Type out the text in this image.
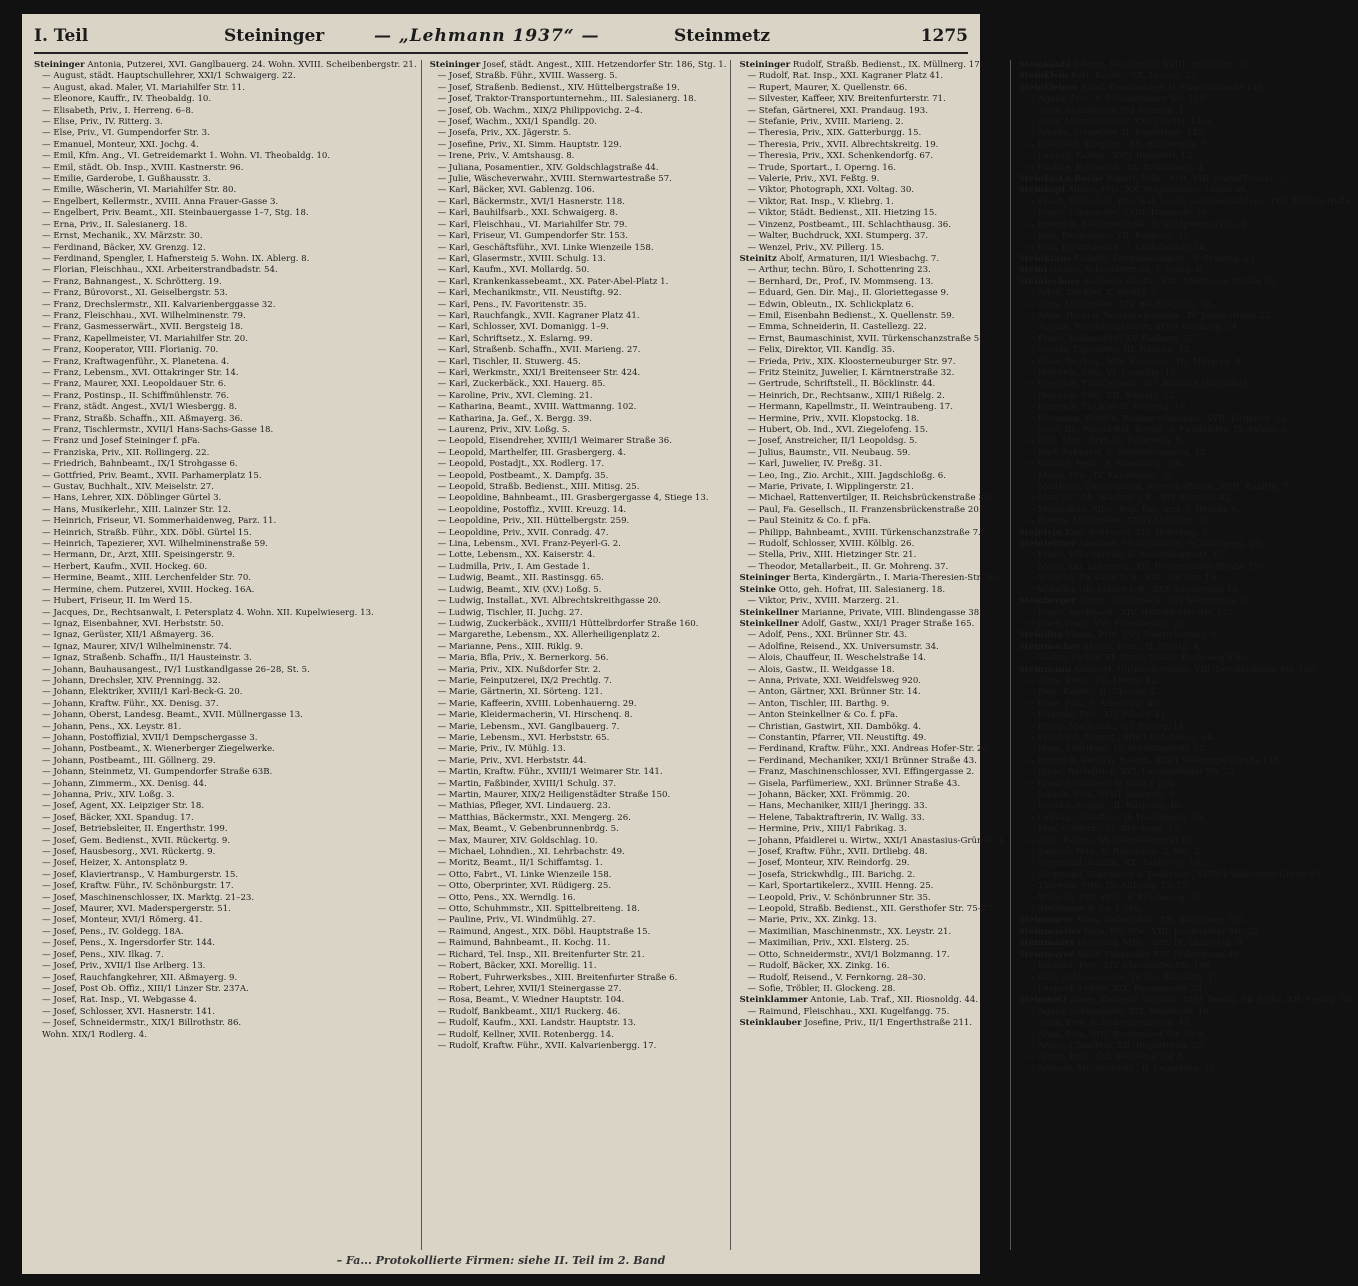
I. Teil	Steininger	— „Lehmann 1937“ —	Steinmetz	1275
Steininger Antonia, Putzerei, XVI. Ganglbauerg. 24. Wohn. XVIII. Scheibenbergstr. 21.
— August, städt. Hauptschullehrer, XXI/1 Schwaigerg. 22.
— August, akad. Maler, VI. Mariahilfer Str. 11.
— Eleonore, Kauffr., IV. Theobaldg. 10.
— Elisabeth, Priv., I. Herreng. 6–8.
— Elise, Priv., IV. Ritterg. 3.
— Else, Priv., VI. Gumpendorfer Str. 3.
— Emanuel, Monteur, XXI. Jochg. 4.
— Emil, Kfm. Ang., VI. Getreidemarkt 1. Wohn. VI. Theobaldg. 10.
— Emil, städt. Ob. Insp., XVIII. Kastnerstr. 96.
— Emilie, Garderobe, I. Gußhausstr. 3.
— Emilie, Wäscherin, VI. Mariahilfer Str. 80.
— Engelbert, Kellermstr., XVIII. Anna Frauer-Gasse 3.
— Engelbert, Priv. Beamt., XII. Steinbauergasse 1–7, Stg. 18.
— Erna, Priv., II. Salesianerg. 18.
— Ernst, Mechanik., XV. Märzstr. 30.
— Ferdinand, Bäcker, XV. Grenzg. 12.
— Ferdinand, Spengler, I. Hafnersteig 5. Wohn. IX. Ablerg. 8.
— Florian, Fleischhau., XXI. Arbeiterstrandbadstr. 54.
— Franz, Bahnangest., X. Schrötterg. 19.
— Franz, Bürovorst., XI. Geiselbergstr. 53.
— Franz, Drechslermstr., XII. Kalvarienberggasse 32.
— Franz, Fleischhau., XVI. Wilhelminenstr. 79.
— Franz, Gasmesserwärt., XVII. Bergsteig 18.
— Franz, Kapellmeister, VI. Mariahilfer Str. 20.
— Franz, Kooperator, VIII. Florianig. 70.
— Franz, Kraftwagenführ., X. Planetena. 4.
— Franz, Lebensm., XVI. Ottakringer Str. 14.
— Franz, Maurer, XXI. Leopoldauer Str. 6.
— Franz, Postinsp., II. Schiffmühlenstr. 76.
— Franz, städt. Angest., XVI/1 Wiesbergg. 8.
— Franz, Straßb. Schaffn., XII. Aßmayerg. 36.
— Franz, Tischlermstr., XVII/1 Hans-Sachs-Gasse 18.
— Franz und Josef Steininger f. pFa.
— Franziska, Priv., XII. Rollingerg. 22.
— Friedrich, Bahnbeamt., IX/1 Strohgasse 6.
— Gottfried, Priv. Beamt., XVII. Parhamerplatz 15.
— Gustav, Buchhalt., XIV. Meiselstr. 27.
— Hans, Lehrer, XIX. Döblinger Gürtel 3.
— Hans, Musikerlehr., XIII. Lainzer Str. 12.
— Heinrich, Friseur, VI. Sommerhaidenweg, Parz. 11.
— Heinrich, Straßb. Führ., XIX. Döbl. Gürtel 15.
— Heinrich, Tapezierer, XVI. Wilhelminenstraße 59.
— Hermann, Dr., Arzt, XIII. Speisingerstr. 9.
— Herbert, Kaufm., XVII. Hockeg. 60.
— Hermine, Beamt., XIII. Lerchenfelder Str. 70.
— Hermine, chem. Putzerei, XVIII. Hockeg. 16A.
— Hubert, Friseur, II. Im Werd 15.
— Jacques, Dr., Rechtsanwalt, I. Petersplatz 4. Wohn. XII. Kupelwieserg. 13.
— Ignaz, Eisenbahner, XVI. Herbststr. 50.
— Ignaz, Gerüster, XII/1 Aßmayerg. 36.
— Ignaz, Maurer, XIV/1 Wilhelminenstr. 74.
— Ignaz, Straßenb. Schaffn., II/1 Hausteinstr. 3.
— Johann, Bauhausangest., IV/1 Lustkandlgasse 26–28, St. 5.
— Johann, Drechsler, XIV. Prenningg. 32.
— Johann, Elektriker, XVIII/1 Karl-Beck-G. 20.
— Johann, Kraftw. Führ., XX. Denisg. 37.
— Johann, Oberst, Landesg. Beamt., XVII. Müllnergasse 13.
— Johann, Pens., XX. Leystr. 81.
— Johann, Postoffizial, XVII/1 Dempschergasse 3.
— Johann, Postbeamt., X. Wienerberger Ziegelwerke.
— Johann, Postbeamt., III. Göllnerg. 29.
— Johann, Steinmetz, VI. Gumpendorfer Straße 63B.
— Johann, Zimmerm., XX. Denisg. 44.
— Johanna, Priv., XIV. Loßg. 3.
— Josef, Agent, XX. Leipziger Str. 18.
— Josef, Bäcker, XXI. Spandug. 17.
— Josef, Betriebsleiter, II. Engerthstr. 199.
— Josef, Gem. Bedienst., XVII. Rückertg. 9.
— Josef, Hausbesorg., XVI. Rückertg. 9.
— Josef, Heizer, X. Antonsplatz 9.
— Josef, Klaviertransp., V. Hamburgerstr. 15.
— Josef, Kraftw. Führ., IV. Schönburgstr. 17.
— Josef, Maschinenschlosser, IX. Marktg. 21–23.
— Josef, Maurer, XVI. Maderspergerstr. 51.
— Josef, Monteur, XVI/1 Römerg. 41.
— Josef, Pens., IV. Goldegg. 18A.
— Josef, Pens., X. Ingersdorfer Str. 144.
— Josef, Pens., XIV. Ilkag. 7.
— Josef, Priv., XVII/1 Ilse Arlberg. 13.
— Josef, Rauchfangkehrer, XII. Aßmayerg. 9.
— Josef, Post Ob. Offiz., XIII/1 Linzer Str. 237A.
— Josef, Rat. Insp., VI. Webgasse 4.
— Josef, Schlosser, XVI. Hasnerstr. 141.
— Josef, Schneidermstr., XIX/1 Billrothstr. 86.
Wohn. XIX/1 Rodlerg. 4.
Steininger Josef, städt. Angest., XIII. Hetzendorfer Str. 186, Stg. 1.
— Josef, Straßb. Führ., XVIII. Wasserg. 5.
— Josef, Straßenb. Bedienst., XIV. Hüttelbergstraße 19.
— Josef, Traktor-Transportunternehm., III. Salesianerg. 18.
— Josef, Ob. Wachm., XIX/2 Philippovichg. 2–4.
— Josef, Wachm., XXI/1 Spandlg. 20.
— Josefa, Priv., XX. Jägerstr. 5.
— Josefine, Priv., XI. Simm. Hauptstr. 129.
— Irene, Priv., V. Amtshausg. 8.
— Juliana, Posamentier., XIV. Goldschlagstraße 44.
— Julie, Wäscheverwahr., XVIII. Sternwartestraße 57.
— Karl, Bäcker, XVI. Gablenzg. 106.
— Karl, Bäckermstr., XVI/1 Hasnerstr. 118.
— Karl, Bauhilfsarb., XXI. Schwaigerg. 8.
— Karl, Fleischhau., VI. Mariahilfer Str. 79.
— Karl, Friseur, VI. Gumpendorfer Str. 153.
— Karl, Geschäftsführ., XVI. Linke Wienzeile 158.
— Karl, Glasermstr., XVIII. Schulg. 13.
— Karl, Kaufm., XVI. Mollardg. 50.
— Karl, Krankenkassebeamt., XX. Pater-Abel-Platz 1.
— Karl, Mechanikmstr., VII. Neustiftg. 92.
— Karl, Pens., IV. Favoritenstr. 35.
— Karl, Rauchfangk., XVII. Kagraner Platz 41.
— Karl, Schlosser, XVI. Domanigg. 1–9.
— Karl, Schriftsetz., X. Eslarng. 99.
— Karl, Straßenb. Schaffn., XVII. Marieng. 27.
— Karl, Tischler, II. Stuwerg. 45.
— Karl, Werkmstr., XXI/1 Breitenseer Str. 424.
— Karl, Zuckerbäck., XXI. Hauerg. 85.
— Karoline, Priv., XVI. Cleming. 21.
— Katharina, Beamt., XVIII. Wattmanng. 102.
— Katharina, Ja. Gef., X. Bergg. 39.
— Laurenz, Priv., XIV. Loßg. 5.
— Leopold, Eisendreher, XVIII/1 Weimarer Straße 36.
— Leopold, Marthelfer, III. Grasbergerg. 4.
— Leopold, Postadjt., XX. Rodlerg. 17.
— Leopold, Postbeamt., X. Dampfg. 35.
— Leopold, Straßb. Bedienst., XIII. Mitisg. 25.
— Leopoldine, Bahnbeamt., III. Grasbergergasse 4, Stiege 13.
— Leopoldine, Postoffiz., XVIII. Kreuzg. 14.
— Leopoldine, Priv., XII. Hüttelbergstr. 259.
— Leopoldine, Priv., XVII. Conradg. 47.
— Lina, Lebensm., XVI. Franz-Peyerl-G. 2.
— Lotte, Lebensm., XX. Kaiserstr. 4.
— Ludmilla, Priv., I. Am Gestade 1.
— Ludwig, Beamt., XII. Rastinsgg. 65.
— Ludwig, Beamt., XIV. (XV.) Loßg. 5.
— Ludwig, Installat., XVI. Albrechtskreithgasse 20.
— Ludwig, Tischler, II. Juchg. 27.
— Ludwig, Zuckerbäck., XVIII/1 Hüttelbrdorfer Straße 160.
— Margarethe, Lebensm., XX. Allerheiligenplatz 2.
— Marianne, Pens., XIII. Riklg. 9.
— Maria, Bfla, Priv., X. Bernerkorg. 56.
— Maria, Priv., XIX. Nußdorfer Str. 2.
— Marie, Feinputzerei, IX/2 Prechtlg. 7.
— Marie, Gärtnerin, XI. Sörteng. 121.
— Marie, Kaffeerin, XVIII. Lobenhauerng. 29.
— Marie, Kleidermacherin, VI. Hirschenq. 8.
— Marie, Lebensm., XVI. Ganglbauerg. 7.
— Marie, Lebensm., XVI. Herbststr. 65.
— Marie, Priv., IV. Mühlg. 13.
— Marie, Priv., XVI. Herbststr. 44.
— Martin, Kraftw. Führ., XVIII/1 Weimarer Str. 141.
— Martin, Faßbinder, XVIII/1 Schulg. 37.
— Martin, Maurer, XIX/2 Heiligenstädter Straße 150.
— Mathias, Pfleger, XVI. Lindauerg. 23.
— Matthias, Bäckermstr., XXI. Mengerg. 26.
— Max, Beamt., V. Gebenbrunnenbrdg. 5.
— Max, Maurer, XIV. Goldschlag. 10.
— Michael, Lohndien., XI. Lehrbachstr. 49.
— Moritz, Beamt., II/1 Schiffamtsg. 1.
— Otto, Fabrt., VI. Linke Wienzeile 158.
— Otto, Oberprinter, XVI. Rüdigerg. 25.
— Otto, Pens., XX. Werndlg. 16.
— Otto, Schuhmmstr., XII. Spittelbreiteng. 18.
— Pauline, Priv., VI. Windmühlg. 27.
— Raimund, Angest., XIX. Döbl. Hauptstraße 15.
— Raimund, Bahnbeamt., II. Kochg. 11.
— Richard, Tel. Insp., XII. Breitenfurter Str. 21.
— Robert, Bäcker, XXI. Morellig. 11.
— Robert, Fuhrwerksbes., XIII. Breitenfurter Straße 6.
— Robert, Lehrer, XVII/1 Steinergasse 27.
— Rosa, Beamt., V. Wiedner Hauptstr. 104.
— Rudolf, Bankbeamt., XII/1 Ruckerg. 46.
— Rudolf, Kaufm., XXI. Landstr. Hauptstr. 13.
— Rudolf, Kellner, XVII. Rotenbergg. 14.
— Rudolf, Kraftw. Führ., XVII. Kalvarienbergg. 17.
Steininger Rudolf, Straßb. Bedienst., IX. Müllnerg. 17.
— Rudolf, Rat. Insp., XXI. Kagraner Platz 41.
— Rupert, Maurer, X. Quellenstr. 66.
— Silvester, Kaffeer, XIV. Breitenfurterstr. 71.
— Stefan, Gärtnerei, XXI. Prandaug. 193.
— Stefanie, Priv., XVIII. Marieng. 2.
— Theresia, Priv., XIX. Gatterburgg. 15.
— Theresia, Priv., XVII. Albrechtskreitg. 19.
— Theresia, Priv., XXI. Schenkendorfg. 67.
— Trude, Sportart., I. Operng. 16.
— Valerie, Priv., XVI. Feßtg. 9.
— Viktor, Photograph, XXI. Voltag. 30.
— Viktor, Rat. Insp., V. Kliebrg. 1.
— Viktor, Städt. Bedienst., XII. Hietzing 15.
— Vinzenz, Postbeamt., III. Schlachthausg. 36.
— Walter, Buchdruck, XXI. Stumperg. 37.
— Wenzel, Priv., XV. Pillerg. 15.
Steinitz Abolf, Armaturen, II/1 Wiesbachg. 7.
— Arthur, techn. Büro, I. Schottenring 23.
— Bernhard, Dr., Prof., IV. Mommseng. 13.
— Eduard, Gen. Dir. Maj., II. Gloriettegasse 9.
— Edwin, Obleutn., IX. Schlickplatz 6.
— Emil, Eisenbahn Bedienst., X. Quellenstr. 59.
— Emma, Schneiderin, II. Castellezg. 22.
— Ernst, Baumaschinist, XVII. Türkenschanzstraße 5.
— Felix, Direktor, VII. Kandlg. 35.
— Frieda, Priv., XIX. Kloosterneuburger Str. 97.
— Fritz Steinitz, Juwelier, I. Kärntnerstraße 32.
— Gertrude, Schriftstell., II. Böcklinstr. 44.
— Heinrich, Dr., Rechtsanw., XIII/1 Rißelg. 2.
— Hermann, Kapellmstr., II. Weintraubeng. 17.
— Hermine, Priv., XVII. Klopstockg. 18.
— Hubert, Ob. Ind., XVI. Ziegelofeng. 15.
— Josef, Anstreicher, II/1 Leopoldsg. 5.
— Julius, Baumstr., VII. Neubaug. 59.
— Karl, Juwelier, IV. Preßg. 31.
— Leo, Ing., Zio. Archit., XIII. Jagdschloßg. 6.
— Marie, Private, I. Wipplingerstr. 21.
— Michael, Rattenvertilger, II. Reichsbrückenstraße 30.
— Paul, Fa. Gesellsch., II. Franzensbrückenstraße 20.
— Paul Steinitz & Co. f. pFa.
— Philipp, Bahnbeamt., XVIII. Türkenschanzstraße 7.
— Rudolf, Schlosser, XVIII. Kölblg. 26.
— Stella, Priv., XIII. Hietzinger Str. 21.
— Theodor, Metallarbeit., II. Gr. Mohreng. 37.
Steininger Berta, Kindergärtn., I. Maria-Theresien-Str. 30.
Steinke Otto, geh. Hofrat, III. Salesianerg. 18.
— Viktor, Priv., XVIII. Marzerg. 21.
Steinkellner Marianne, Private, VIII. Blindengasse 38.
Steinkellner Adolf, Gastw., XXI/1 Prager Straße 165.
— Adolf, Pens., XXI. Brünner Str. 43.
— Adolfine, Reisend., XX. Universumstr. 34.
— Alois, Chauffeur, II. Weschelstraße 14.
— Alois, Gastw., II. Weidgasse 18.
— Anna, Private, XXI. Weidfelsweg 920.
— Anton, Gärtner, XXI. Brünner Str. 14.
— Anton, Tischler, III. Barthg. 9.
— Anton Steinkellner & Co. f. pFa.
— Christian, Gastwirt, XII. Dambökg. 4.
— Constantin, Pfarrer, VII. Neustiftg. 49.
— Ferdinand, Kraftw. Führ., XXI. Andreas Hofer-Str. 20.
— Ferdinand, Mechaniker, XXI/1 Brünner Straße 43.
— Franz, Maschinenschlosser, XVI. Effingergasse 2.
— Gisela, Parfümeriew., XXI. Brünner Straße 43.
— Johann, Bäcker, XXI. Frömmig. 20.
— Hans, Mechaniker, XIII/1 Jheringg. 33.
— Helene, Tabaktraftrerin, IV. Wallg. 33.
— Hermine, Priv., XIII/1 Fabrikag. 3.
— Johann, Pfaidlerei u. Wirtw., XXI/1 Anastasius-Grün-G. 3.
— Josef, Kraftw. Führ., XVII. Drtliebg. 48.
— Josef, Monteur, XIV. Reindorfg. 29.
— Josefa, Strickwhdlg., III. Barichg. 2.
— Karl, Sportartikelerz., XVIII. Henng. 25.
— Leopold, Priv., V. Schönbrunner Str. 35.
— Leopold, Straßb. Bedienst., XII. Gersthofer Str. 75–77.
— Marie, Priv., XX. Zinkg. 13.
— Maximilian, Maschinenmstr., XX. Leystr. 21.
— Maximilian, Priv., XXI. Elsterg. 25.
— Otto, Schneidermstr., XVI/1 Bolzmanng. 17.
— Rudolf, Bäcker, XX. Zinkg. 16.
— Rudolf, Reisend., V. Fernkorng. 28–30.
— Sofie, Tröbler, II. Glockeng. 28.
Steinklammer Antonie, Lab. Traf., XII. Riosnoldg. 44.
— Raimund, Fleischhau., XXI. Kugelfangg. 75.
Steinklauber Josefine, Priv., II/1 Engerthstraße 211.
Steinkäubl Johann, Maschinist, XVIII. Hofstattg. 39.
Steinklein Berl. Kaufm., XX. Lessstr. 23.
Steinkleiner Adolf, Eisenbahner, II. Engerthstraße 143.
— Agnes, Priv., V. Schönbrunner Str. 120.
— Alois, Installateur, II/1 Seumeg. 1.
— Alois, Maschinführer, XXI/1 Grillg. 14 A.
— Amalia, Schneider, II. Engerthstr. 143.
— Elisabeth, Knopfstr., XX. Rüsbergstr. 7.
— Ludwig, Kaufm., XV/1 Rudolfstr. 13.
— Pauline, Postassist., XV. Brunnbadg. 4.
Steinko-La Roche Robert, MDr., Arzt, VIII. Maria-Treu-G. 7.
Steinkopf Albine, Priv., XX. Brigittenauer Lände 46.
— Franz, Möbelhdl., Bez. Rat, beeid. Sachverständiger, IX/1 Tröbler-Halle.
— Franz, Uhrmacher, XVIII. Dammstr. 10.
— Heinrich, Elektrotechnik, II. Wildpretmarkt 2–4.
— Karl, Baumeister, VII. Kenyong. 15.
— Karl, Elektrotechn., I. Luchslauben 14.
Steinkraus Elsbeth, Zeitgeberangebt., V. Schloßg. 21.
Steinl Gustav, Schneidermstr., I. Domg. 6.
Steinlechner Abelheid, Gastw., XIII. Hietzinger Straße 20.
— Adolf, Tischler, X. Knöllg. 7.
— Alois, Milchmeier, XIV. Reichsapfelg. 38.
— Anna, Hotel u. Restaurationsbes., IV. Jörgerstraße 22.
— August, Rauchfangkehrer, XIX/1 Rubinstg. 24.
— Franz, Lokomotivf., XV. Pankerg. 27.
— Gustav, Tapezierer, III. Rüdeng. 12.
— Hans, Dr., Ing., Min. Kommiss., III. Mingerg. 8.
— Heinrich, Priv., VI. Joanellig. 10.
— Heinrich, Tischlermstr., II/1 Bahnhof Hütteldorf.
— Heinrich, Priv., XII. Rümelg. 12.
— Heinrich, Tischler, II. Robertg. 10.
— Hermann, Hotel u. Restaurationsbes., XVII. Jörgerstr. 22.
— Josef, Dr., Polizei-Rat, Vorstd. d. Fundamtes, IX. Fahng. 6.
— Karl, MDr., Arzt, IX. Lazarettg. 9.
— Karl, Zahnarzt, V. Siebenbrunneng. 12.
— Ludwig, Pens., X. Rotenhofg. 106.
— Marie, Priv., IV. Karolineng. 26.
— Matthäus, Ökonomierat, Wirtschaftsbes., XVII. Ranftlg. 7.
— Max, Dr., Ob. Stadtrat i. R., XIV. Marzstr. 42.
— Maximilian, MDr., Reg. Rat, Arzt, I. Hegelg. 6.
— Rosina, Milchmeier, XIII/1 Lidholzg. 34.
Steinlein Karl, Schlosser, XIV. Holocheg. 3.
Steinleitner Abalbert, Motorstricker, IV. Stumperg. 20.
— Franz, Wäscherolle, II. Ausstellungsstr. 37.
— Marie, Ob. Lehrersw., XII. Hetzendorfer Straße 157.
— Wilhelm, Fa. Gesellsch., XXI. Amtsstr. 15.
— Wilhelm, Ob. Lehrer i. R., XXI. Amtsstraße 15.
Steinberger Anton, Schuhmach., II/1 Mariannag. 1.
— Franz, Kaufmach., XIV. Hütteldorfer Str. 172.
— Josef, Pens., XVI. Friedmannq. 26.
Steinling Minna, Priv., IX/1 Dietrichsteing. 6.
Steinmacher Aloisia, Pens., II. Eberlg. 4.
— Walter, Dicher, XI. Simm. Haide, Radioweg 930.
Steinmann Abalbert, Uhrmachermstr., VIII. Lerchenfelder Str. 130.
— Anna, Pens., VII. Lienig. 42.
— Béla, Kaufm., II. Überstr. 4.
— Elise, Priv., V. Arbeiterg. 40.
— Eugenie, Priv., XII. Pilsstr. 41.
— Franz, Mechanik., II/1 Rotarg. 14.
— Friedrich, Angest., XIII/1 Zehetnerg. 14.
— Hans, Fabrikant, IV. Argentinierstr. 52.
— Heinrich, Versich. Beamt., XIX/1 Währinger Straße 118.
— Ignaz, Buchdruck, XVI. Lerchenfelder Str. 23.
— Ignaz Steinmann & Sohn f. pFa.
— Johann, Priv., XIX/1 Spiegelg. 9.
— Konrad, Angest., II. Rurpeng. 40.
— Ludwig, Chauffeur, II. Haidingerg. 23.
— Max, Goldarb., VI. Brückeng. 10.
— Otto, Kaufm., VI. Getreidemarkt 13.
— Samuel, Priv., II. Rabenbstr. 2, Stg. 2.
— Siegmund, Kaufm., XX. Zaulerleg. 18.
— Siegmund, Tapezierer u. Lederwar., XVIII/1 Währinger Gürtel 93.
— Theresia, Priv., IX. Althang. 13–15.
— Wilhelm, Priv. Prof., V. Bräuhausg. 51.
— Steinmann & Co. f. pFa.
Steinmarer Anna, Hebrat-Ww., XII. Burggasse 102.
Steinmaszler Olga, Dir. Ww., VIII. Josefstädter Str. 20.
Steinmauer Hansjörg, MDr., Arzt, IX. Lazarettg. 9.
Steinmayer Adolf, Faßbinder, XIV. Hollergasse 40.
— Barbara, Priv., XIV. Mariahilfer Str. 198.
— Karl, Schlossermstr., IV. Ob. Bladuktg. 17.
— Leopold, Lehrer, XIX. Baumannstr. 74.
Steinmetz Abele, Zuckerw. Verschl., XVII. Reinlg. 14. Wohn. XII. Fenzig. 50.
— Agnes, Schneiderin, XIX. Stadlerstr. 19.
— Anna, Priv., V. Siebenbrunneng. 45.
— Anna, Priv., XIII. Breitenseer Str. 39 A.
— Anton, Chauffeur, XII. Rugarterstr. 25.
— Anton, Priv., XXI. Mathieug. 34 A.
— Antonie, Milchverschl., II. Leopoldsg. 17.
– Fa... Protokollierte Firmen: siehe II. Teil im 2. Band
